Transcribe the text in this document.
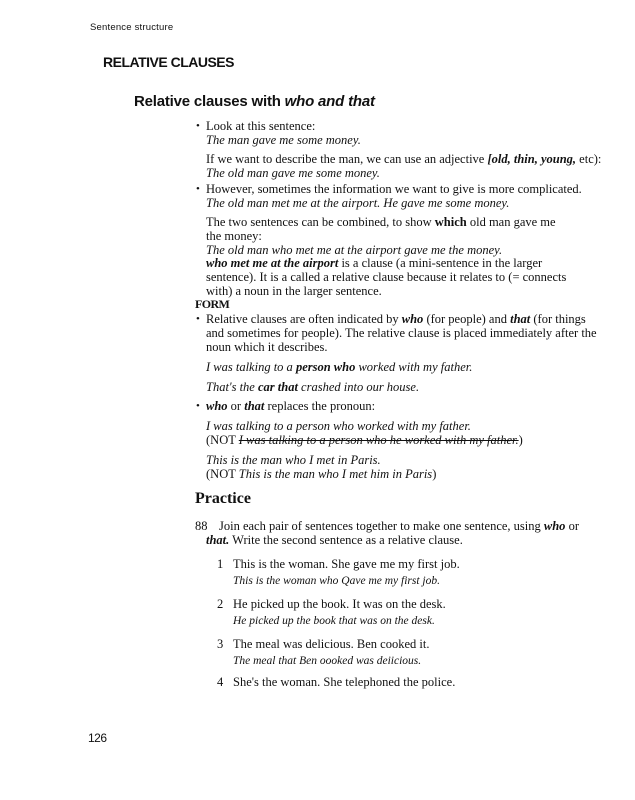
Sentence structure
RELATIVE CLAUSES
Relative clauses with who and that
• Look at this sentence:
The man gave me some money.
If we want to describe the man, we can use an adjective [old, thin, young, etc):
The old man gave me some money.
• However, sometimes the information we want to give is more complicated.
The old man met me at the airport. He gave me some money.
The two sentences can be combined, to show which old man gave me
the money:
The old man who met me at the airport gave me the money.
who met me at the airport is a clause (a mini-sentence in the larger
sentence). It is a called a relative clause because it relates to (= connects
with) a noun in the larger sentence.
FORM
• Relative clauses are often indicated by who (for people) and that (for things
and sometimes for people). The relative clause is placed immediately after the
noun which it describes.
I was talking to a person who worked with my father.
That's the car that crashed into our house.
• who or that replaces the pronoun:
I was talking to a person who worked with my father.
(NOT I was talking to a person who he worked with my father.)
This is the man who I met in Paris.
(NOT This is the man who I met him in Paris)
Practice
88 Join each pair of sentences together to make one sentence, using who or
that. Write the second sentence as a relative clause.
1 This is the woman. She gave me my first job.
This is the woman who Qave me my first job.
2 He picked up the book. It was on the desk.
He picked up the book that was on the desk.
3 The meal was delicious. Ben cooked it.
The meal that Ben oooked was deiicious.
4 She's the woman. She telephoned the police.
126
